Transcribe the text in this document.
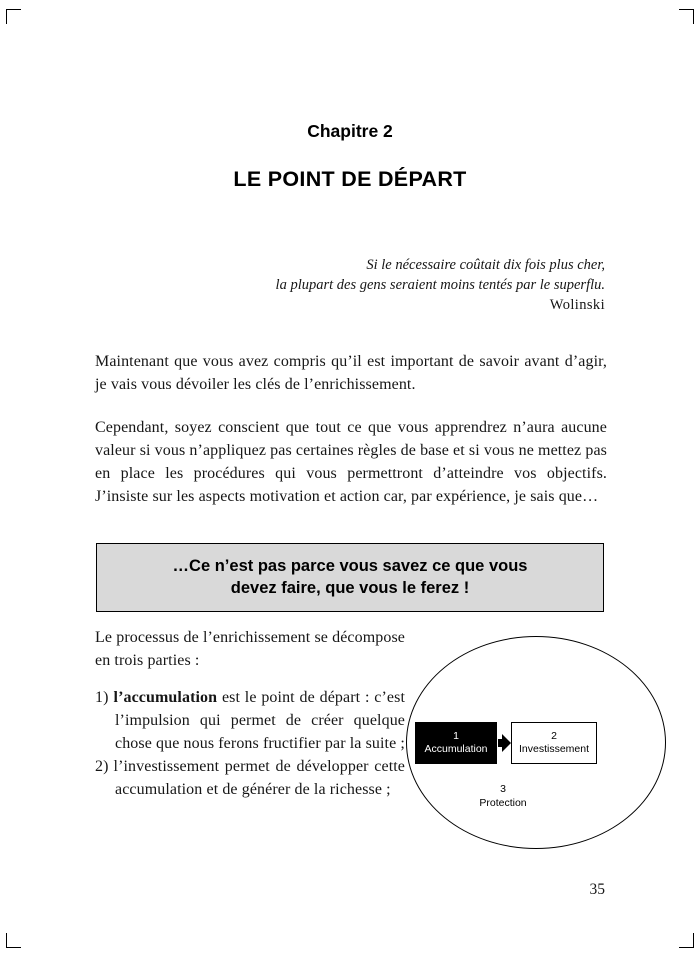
Chapitre 2
LE POINT DE DÉPART
Si le nécessaire coûtait dix fois plus cher,
la plupart des gens seraient moins tentés par le superflu.
Wolinski

Maintenant que vous avez compris qu’il est important de savoir avant d’agir, je vais vous dévoiler les clés de l’enrichissement.

Cependant, soyez conscient que tout ce que vous apprendrez n’aura aucune valeur si vous n’appliquez pas certaines règles de base et si vous ne mettez pas en place les procédures qui vous permettront d’atteindre vos objectifs. J’insiste sur les aspects motivation et action car, par expérience, je sais que…

…Ce n’est pas parce vous savez ce que vous
devez faire, que vous le ferez !

Le processus de l’enrichissement se décompose en trois parties :

1) l’accumulation est le point de départ : c’est l’impulsion qui permet de créer quelque chose que nous ferons fructifier par la suite ;
2) l’investissement permet de développer cette accumulation et de générer de la richesse ;
1
Accumulation
2
Investissement
3
Protection
35
